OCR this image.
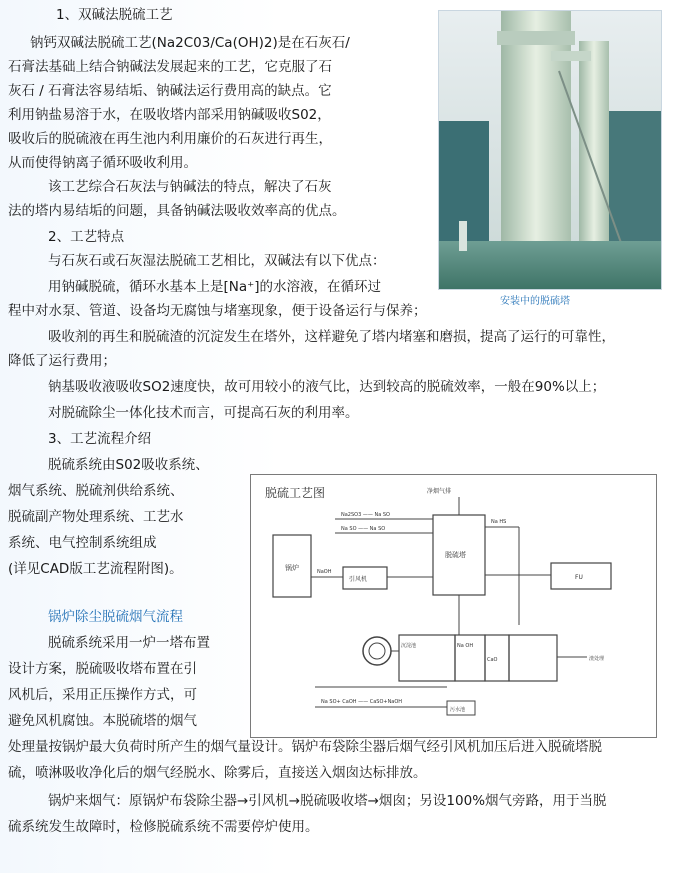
1、双碱法脱硫工艺
钠钙双碱法脱硫工艺(Na2C03/Ca(OH)2)是在石灰石/
石膏法基础上结合钠碱法发展起来的工艺，它克服了石
灰石 / 石膏法容易结垢、钠碱法运行费用高的缺点。它
利用钠盐易溶于水，在吸收塔内部采用钠碱吸收S02，
吸收后的脱硫液在再生池内利用廉价的石灰进行再生，
从而使得钠离子循环吸收利用。
该工艺综合石灰法与钠碱法的特点，解决了石灰
法的塔内易结垢的问题，具备钠碱法吸收效率高的优点。
2、工艺特点
与石灰石或石灰湿法脱硫工艺相比，双碱法有以下优点：
用钠碱脱硫，循环水基本上是[Na⁺]的水溶液，在循环过
程中对水泵、管道、设备均无腐蚀与堵塞现象，便于设备运行与保养；
吸收剂的再生和脱硫渣的沉淀发生在塔外，这样避免了塔内堵塞和磨损，提高了运行的可靠性，
降低了运行费用；
钠基吸收液吸收SO2速度快，故可用较小的液气比，达到较高的脱硫效率，一般在90%以上；
对脱硫除尘一体化技术而言，可提高石灰的利用率。
3、工艺流程介绍
脱硫系统由S02吸收系统、
烟气系统、脱硫剂供给系统、
脱硫副产物处理系统、工艺水
系统、电气控制系统组成
(详见CAD版工艺流程附图)。
锅炉除尘脱硫烟气流程
脱硫系统采用一炉一塔布置
设计方案，脱硫吸收塔布置在引
风机后，采用正压操作方式，可
避免风机腐蚀。本脱硫塔的烟气
处理量按锅炉最大负荷时所产生的烟气量设计。锅炉布袋除尘器后烟气经引风机加压后进入脱硫塔脱
硫，喷淋吸收净化后的烟气经脱水、除雾后，直接送入烟囱达标排放。
锅炉来烟气：原锅炉布袋除尘器→引风机→脱硫吸收塔→烟囱；另设100%烟气旁路，用于当脱
硫系统发生故障时，检修脱硫系统不需要停炉使用。
安装中的脱硫塔
脱硫工艺图
锅炉
引风机
脱硫塔
净烟气排
NaOH
Na2SO3 —— Na SO
Na SO —— Na SO
Na HS
FU
沉淀池	Na OH
CaO	渣处理
污水池
Na SO+ CaOH —— CaSO+NaOH
